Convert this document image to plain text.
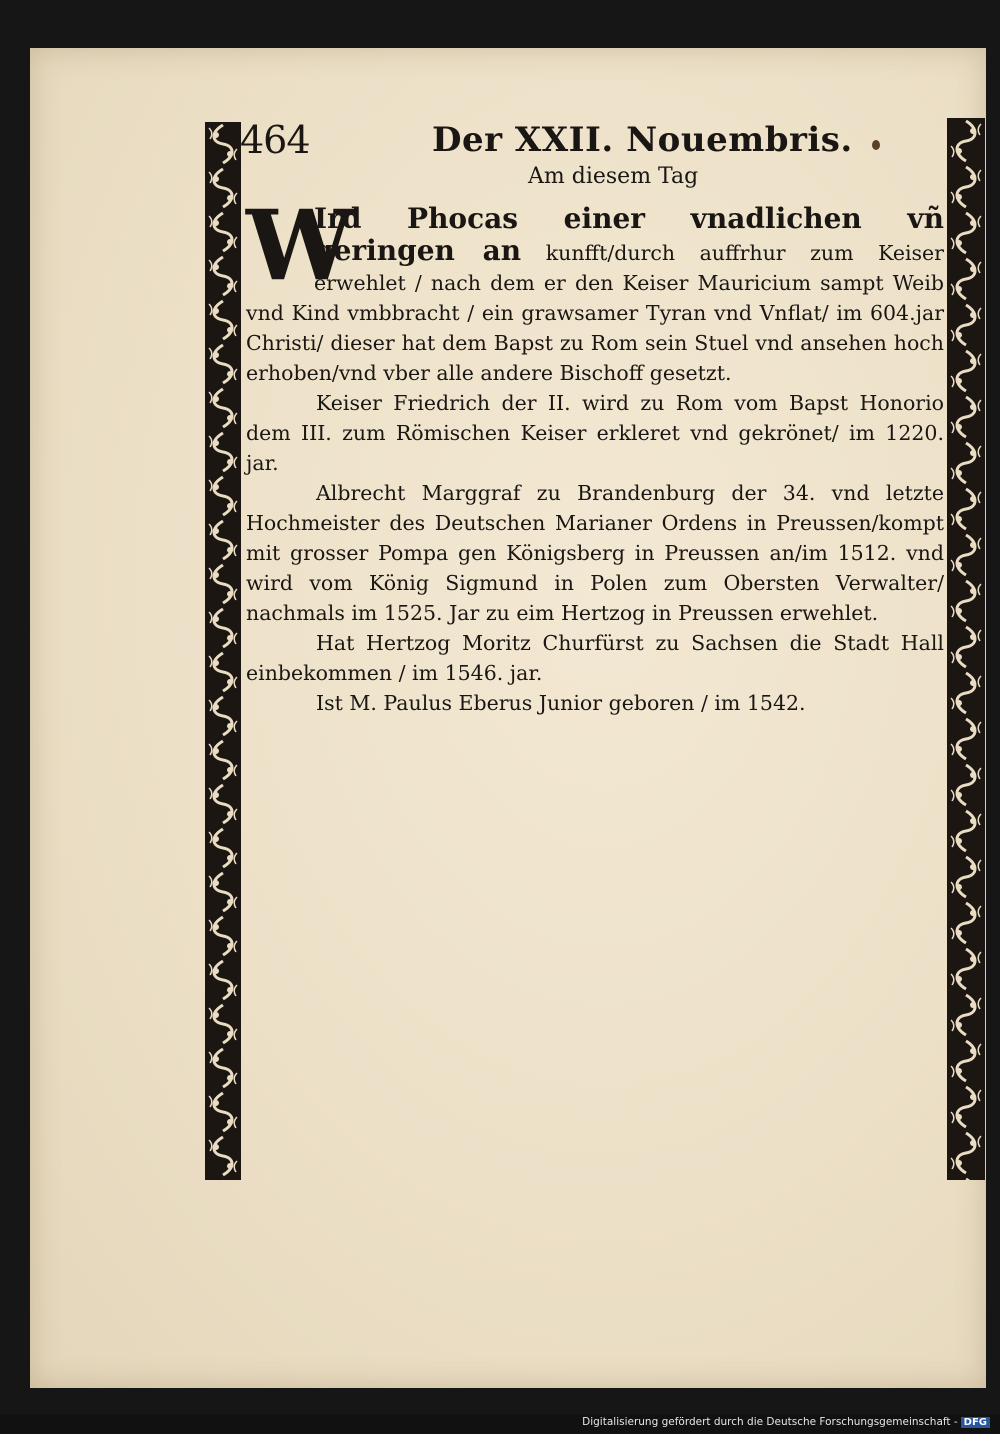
464	Der XXII. Nouembris.
Am diesem Tag

W
Ird Phocas einer vnadlichen vñ geringen an kunfft/durch auffrhur zum Keiser erwehlet / nach dem er den Keiser Mauricium sampt Weib vnd Kind vmbbracht / ein grawsamer Tyran vnd Vnflat/ im 604.jar Christi/ dieser hat dem Bapst zu Rom sein Stuel vnd ansehen hoch erhoben/vnd vber alle andere Bischoff gesetzt.

Keiser Friedrich der II. wird zu Rom vom Bapst Honorio dem III. zum Römischen Keiser erkleret vnd gekrönet/ im 1220. jar.

Albrecht Marggraf zu Brandenburg der 34. vnd letzte Hochmeister des Deutschen Marianer Ordens in Preussen/kompt mit grosser Pompa gen Königsberg in Preussen an/im 1512. vnd wird vom König Sigmund in Polen zum Obersten Verwalter/ nachmals im 1525. Jar zu eim Hertzog in Preussen erwehlet.

Hat Hertzog Moritz Churfürst zu Sachsen die Stadt Hall einbekommen / im 1546. jar.

Ist M. Paulus Eberus Junior geboren / im 1542.

Digitalisierung gefördert durch die Deutsche Forschungsgemeinschaft - DFG
